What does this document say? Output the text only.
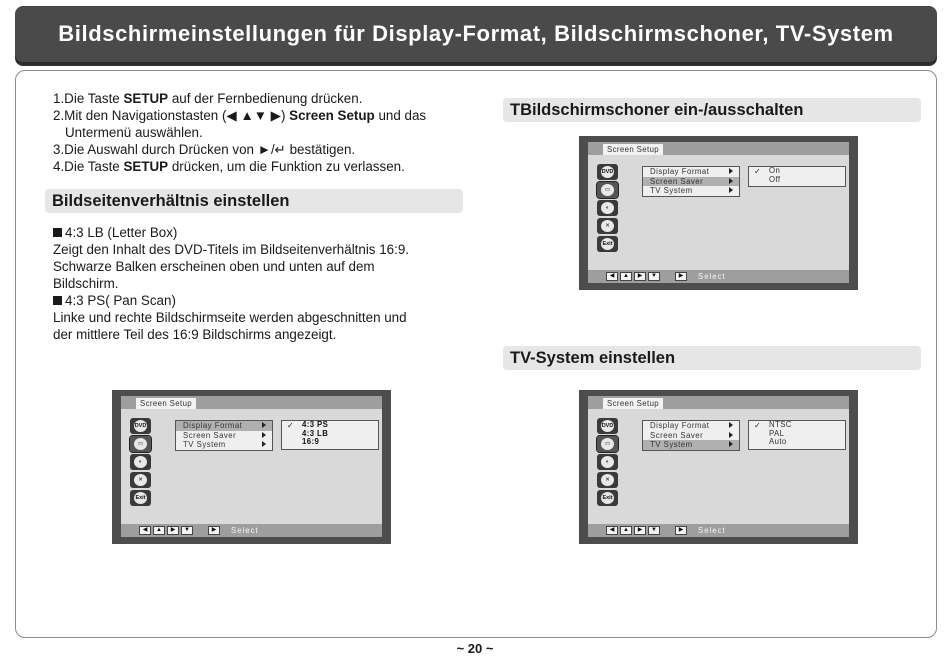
Bildschirmeinstellungen für Display-Format, Bildschirmschoner, TV-System
1.Die Taste SETUP auf der Fernbedienung drücken.
2.Mit den Navigationstasten (◀ ▲▼ ▶) Screen Setup und das
Untermenü auswählen.
3.Die Auswahl durch Drücken von ►/↵ bestätigen.
4.Die Taste SETUP drücken, um die Funktion zu verlassen.
Bildseitenverhältnis einstellen
TBildschirmschoner ein-/ausschalten
TV-System einstellen
4:3 LB (Letter Box)
Zeigt den Inhalt des DVD-Titels im Bildseitenverhältnis 16:9.
Schwarze Balken erscheinen oben und unten auf dem
Bildschirm.
4:3 PS( Pan Scan)
Linke und rechte Bildschirmseite werden abgeschnitten und
der mittlere Teil des 16:9 Bildschirms angezeigt.
Screen Setup
DVD
▭
◐
✕
Exit
Display Format
Screen Saver
TV System
✓ On
Off
◀	▲	▶	▼	▶	Select
Screen Setup
DVD
▭
◐
✕
Exit
Display Format
Screen Saver
TV System
✓ 4:3 PS
4:3 LB
16:9
◀	▲	▶	▼	▶	Select
Screen Setup
DVD
▭
◐
✕
Exit
Display Format
Screen Saver
TV System
✓ NTSC
PAL
Auto
◀	▲	▶	▼	▶	Select
~ 20 ~
